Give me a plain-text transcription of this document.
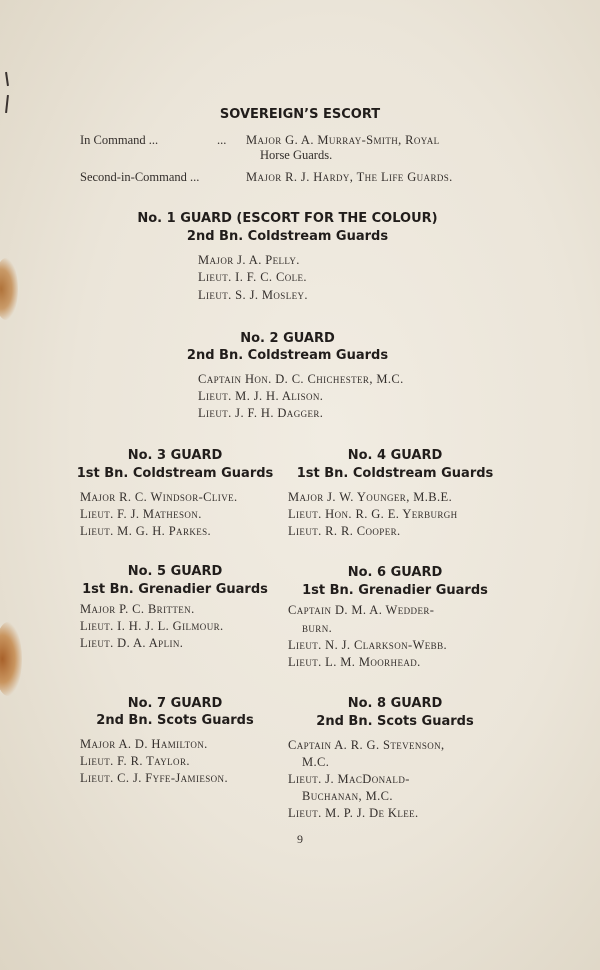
SOVEREIGN’S ESCORT
In Command ...	... Major G. A. Murray-Smith, Royal
Horse Guards.
Second-in-Command ...	Major R. J. Hardy, The Life Guards.
No. 1 GUARD (ESCORT FOR THE COLOUR)
2nd Bn. Coldstream Guards
Major J. A. Pelly.
Lieut. I. F. C. Cole.
Lieut. S. J. Mosley.
No. 2 GUARD
2nd Bn. Coldstream Guards
Captain Hon. D. C. Chichester, M.C.
Lieut. M. J. H. Alison.
Lieut. J. F. H. Dagger.
No. 3 GUARD
1st Bn. Coldstream Guards
Major R. C. Windsor-Clive.
Lieut. F. J. Matheson.
Lieut. M. G. H. Parkes.
No. 4 GUARD
1st Bn. Coldstream Guards
Major J. W. Younger, M.B.E.
Lieut. Hon. R. G. E. Yerburgh
Lieut. R. R. Cooper.
No. 5 GUARD
1st Bn. Grenadier Guards
Major P. C. Britten.
Lieut. I. H. J. L. Gilmour.
Lieut. D. A. Aplin.
No. 6 GUARD
1st Bn. Grenadier Guards
Captain D. M. A. Wedder-
burn.
Lieut. N. J. Clarkson-Webb.
Lieut. L. M. Moorhead.
No. 7 GUARD
2nd Bn. Scots Guards
Major A. D. Hamilton.
Lieut. F. R. Taylor.
Lieut. C. J. Fyfe-Jamieson.
No. 8 GUARD
2nd Bn. Scots Guards
Captain A. R. G. Stevenson,
M.C.
Lieut. J. MacDonald-
Buchanan, M.C.
Lieut. M. P. J. De Klee.
9
